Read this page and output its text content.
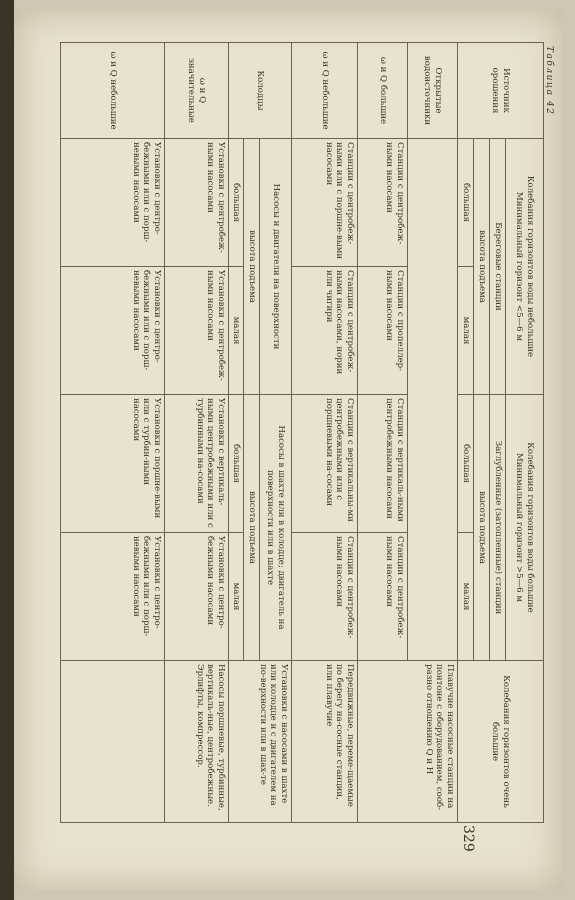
Таблица 42
Источник орошения	Колебания горизонтов воды небольшие
Минимальный горизонт <5—6 м		Колебания горизонтов воды большие
Минимальный горизонт >5—6 м		Колебания горизонтов очень большие
	Береговые станции		Заглубленные (затопленные) станции		
	высота подъема		высота подъема		
	большая	малая	большая	малая	
Открытые водоисточники					Плавучие насосные станции на понтоне с оборудованием, сооб-разно отношению Q и H
ω и Q большие	Станции с центробеж-ными насосами	Станции с пропеллер-ными насосами	Станции с вертикаль-ными центробежными насосами	Станции с центробеж-ными насосами	
ω и Q небольшие	Станции с центробеж-ными или с поршне-выми насосами	Станции с центробеж-ными насосами, нории или чигири	Станции с вертикальны-ми центробежными или с поршневыми на-сосами	Станции с центробеж-ными насосами	Передвижные, переме-щаемые по берегу на-сосные станции, или плавучие
Колодцы	Насосы и двигатели на поверхности		Насосы в шахте или в колодце; двигатель на поверхности или в шахте		Установки с насосами в шахте или колодце и с двигателем на по-верхности или в шах-те
	высота подъема		высота подъема		
	большая	малая	большая	малая	
ω и Q значительные	Установки с центробеж-ными насосами	Установки с центробеж-ными насосами	Установки с вертикаль-ными центробежными или с турбинными на-сосами	Установки с центро-бежными насосами	Насосы поршневые, турбинные, вертикаль-ные, центробежные. Эрлифты, компрессор.
ω и Q небольшие	Установки с центро-бежными или с порш-невыми насосами	Установки с центро-бежными или с порш-невыми насосами	Установки с поршне-выми или с турбин-ными насосами	Установки с центро-бежными или с порш-невыми насосами	
329
